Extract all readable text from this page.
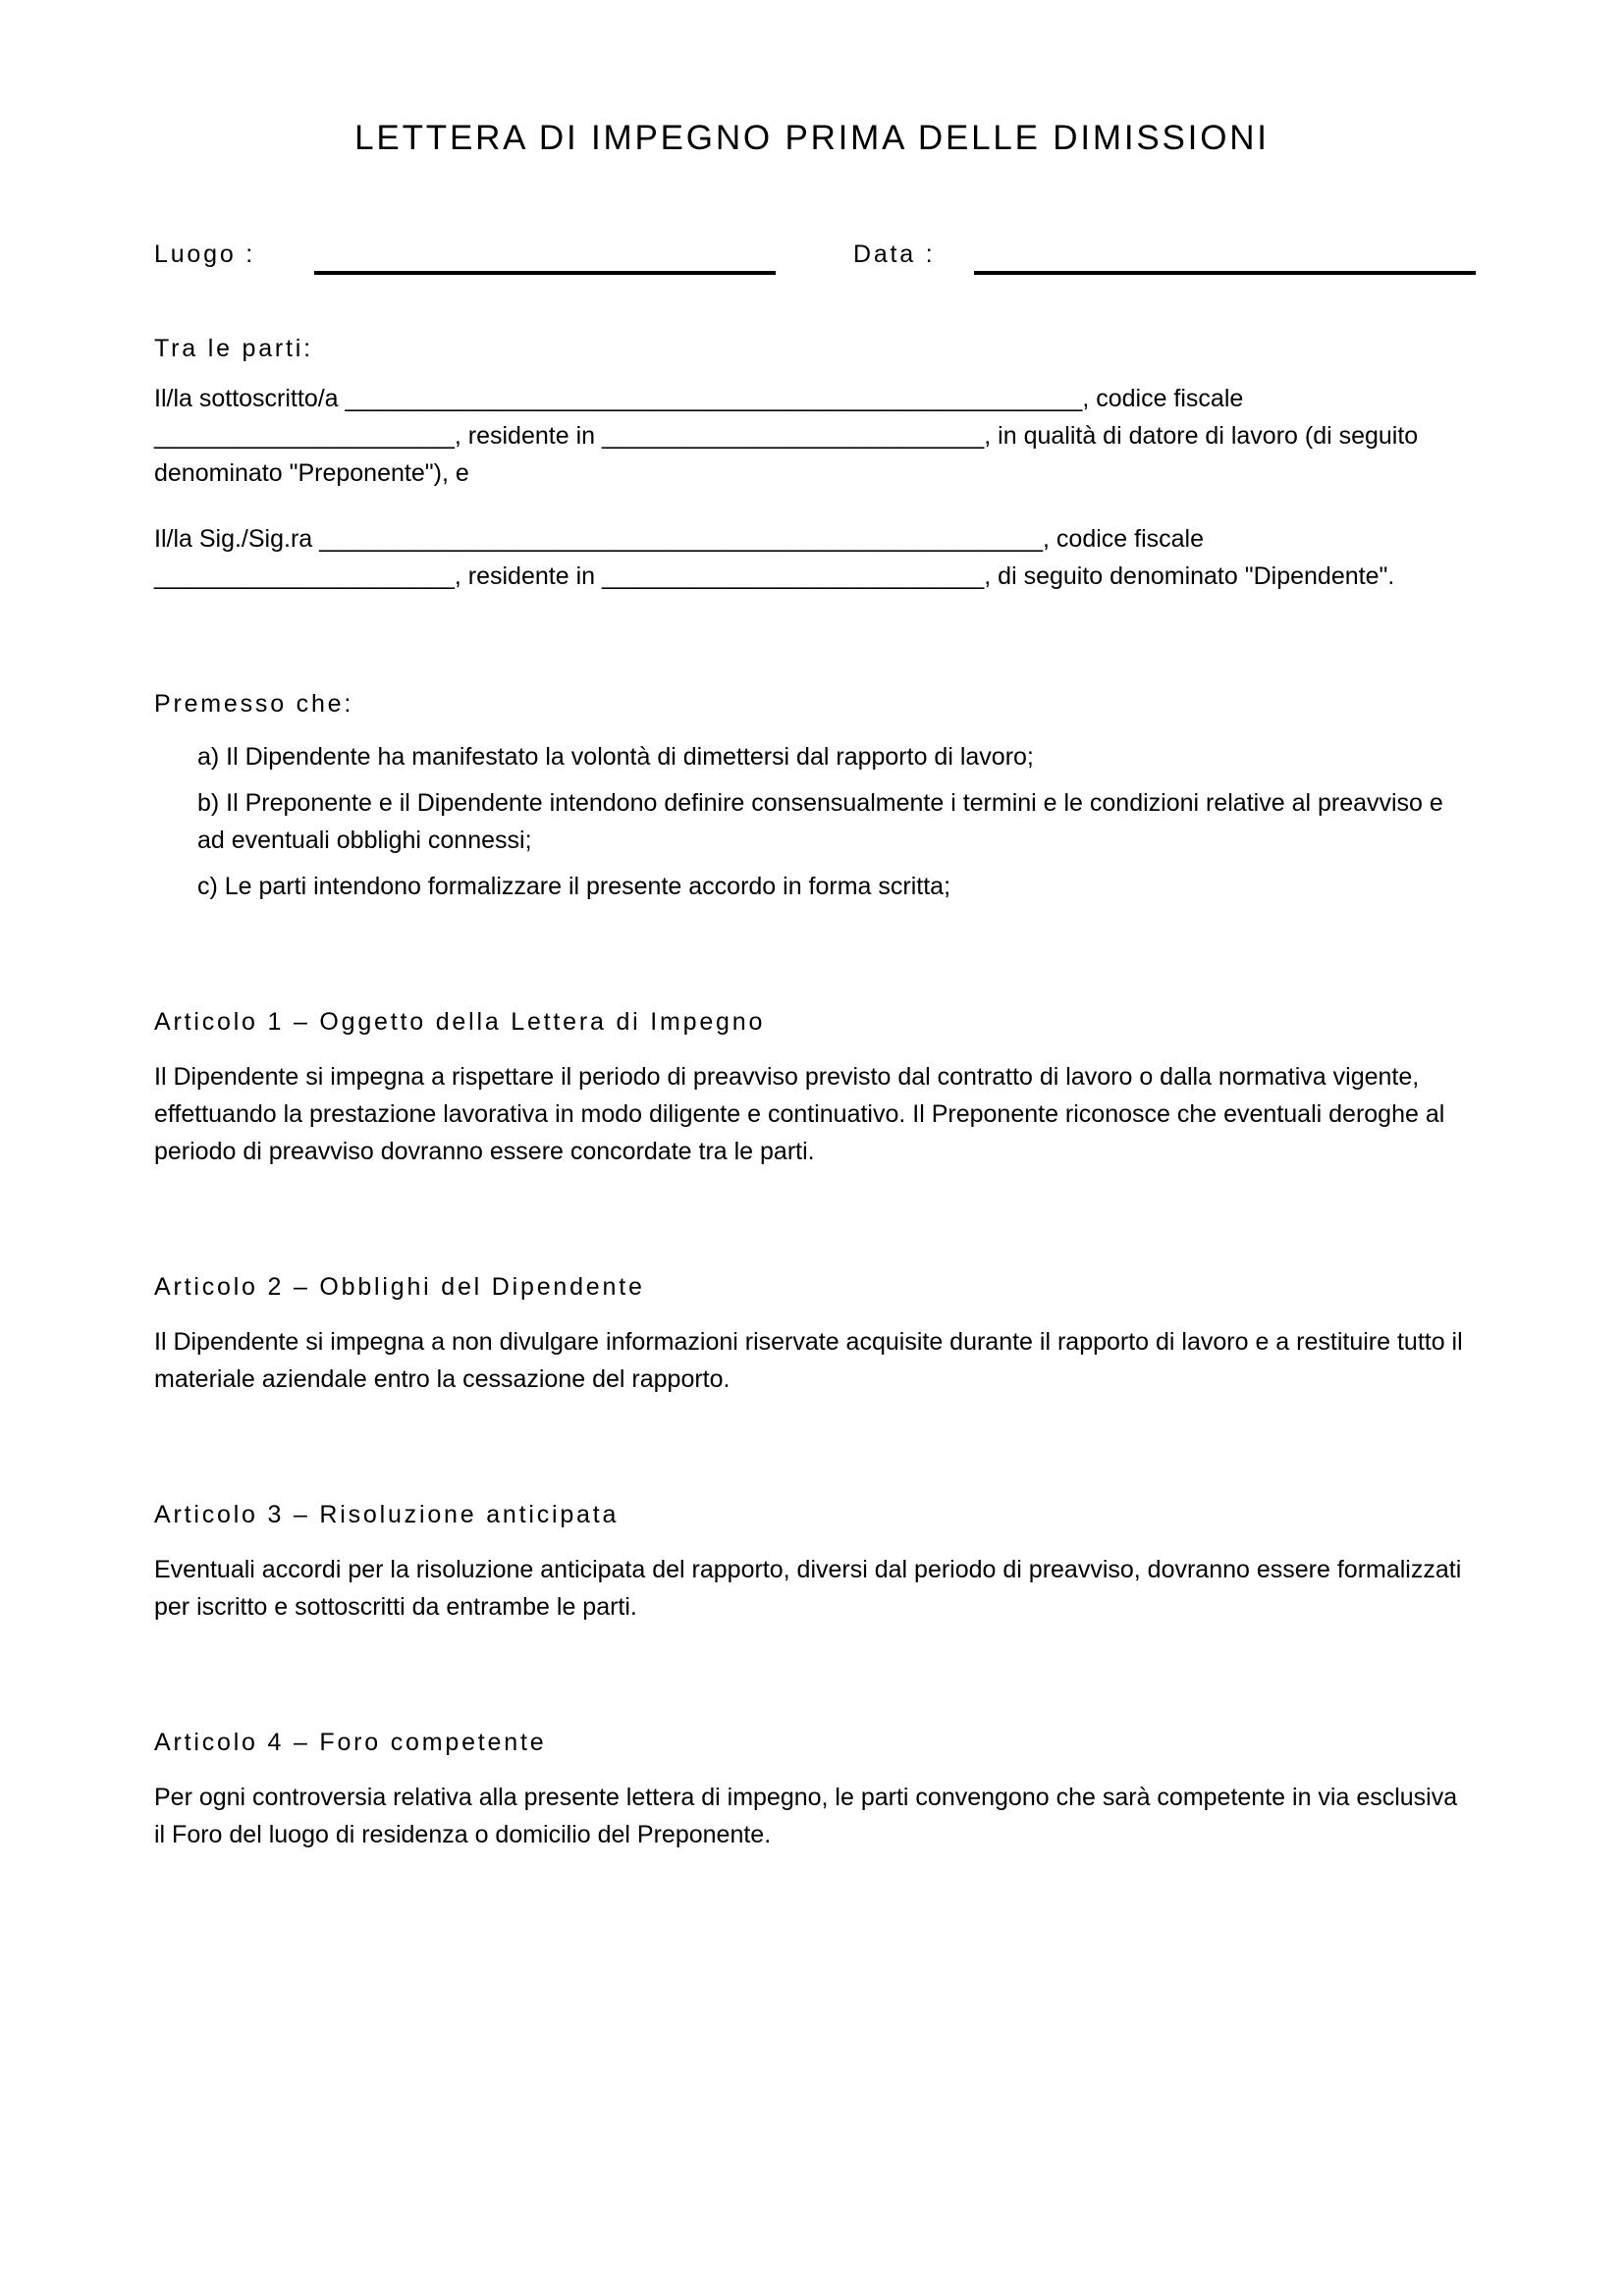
LETTERA DI IMPEGNO PRIMA DELLE DIMISSIONI
Luogo :	Data :

Tra le parti:

Il/la sottoscritto/a ______________________________________________________, codice fiscale
______________________, residente in ____________________________, in qualità di datore di lavoro (di seguito
denominato "Preponente"), e
Il/la Sig./Sig.ra _____________________________________________________, codice fiscale
______________________, residente in ____________________________, di seguito denominato "Dipendente".

Premesso che:

a) Il Dipendente ha manifestato la volontà di dimettersi dal rapporto di lavoro;
b) Il Preponente e il Dipendente intendono definire consensualmente i termini e le condizioni relative al preavviso e ad eventuali obblighi connessi;
c) Le parti intendono formalizzare il presente accordo in forma scritta;
Articolo 1 – Oggetto della Lettera di Impegno

Il Dipendente si impegna a rispettare il periodo di preavviso previsto dal contratto di lavoro o dalla normativa vigente, effettuando la prestazione lavorativa in modo diligente e continuativo. Il Preponente riconosce che eventuali deroghe al periodo di preavviso dovranno essere concordate tra le parti.

Articolo 2 – Obblighi del Dipendente

Il Dipendente si impegna a non divulgare informazioni riservate acquisite durante il rapporto di lavoro e a restituire tutto il materiale aziendale entro la cessazione del rapporto.

Articolo 3 – Risoluzione anticipata

Eventuali accordi per la risoluzione anticipata del rapporto, diversi dal periodo di preavviso, dovranno essere formalizzati per iscritto e sottoscritti da entrambe le parti.

Articolo 4 – Foro competente

Per ogni controversia relativa alla presente lettera di impegno, le parti convengono che sarà competente in via esclusiva il Foro del luogo di residenza o domicilio del Preponente.
